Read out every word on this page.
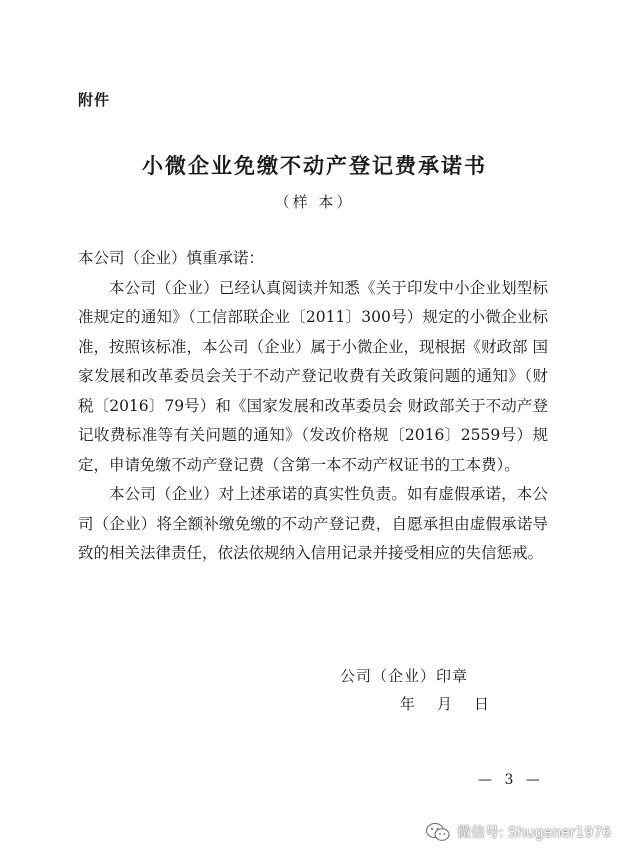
附件
小微企业免缴不动产登记费承诺书
（样 本）

本公司（企业）慎重承诺：

本公司（企业）已经认真阅读并知悉《关于印发中小企业划型标准规定的通知》（工信部联企业〔2011〕300号）规定的小微企业标准，按照该标准，本公司（企业）属于小微企业，现根据《财政部 国家发展和改革委员会关于不动产登记收费有关政策问题的通知》（财税〔2016〕79号）和《国家发展和改革委员会 财政部关于不动产登记收费标准等有关问题的通知》（发改价格规〔2016〕2559号）规定，申请免缴不动产登记费（含第一本不动产权证书的工本费）。

本公司（企业）对上述承诺的真实性负责。如有虚假承诺，本公司（企业）将全额补缴免缴的不动产登记费，自愿承担由虚假承诺导致的相关法律责任，依法依规纳入信用记录并接受相应的失信惩戒。

公司（企业）印章
年 月 日
— 3 —
微信号: Shugener1976
